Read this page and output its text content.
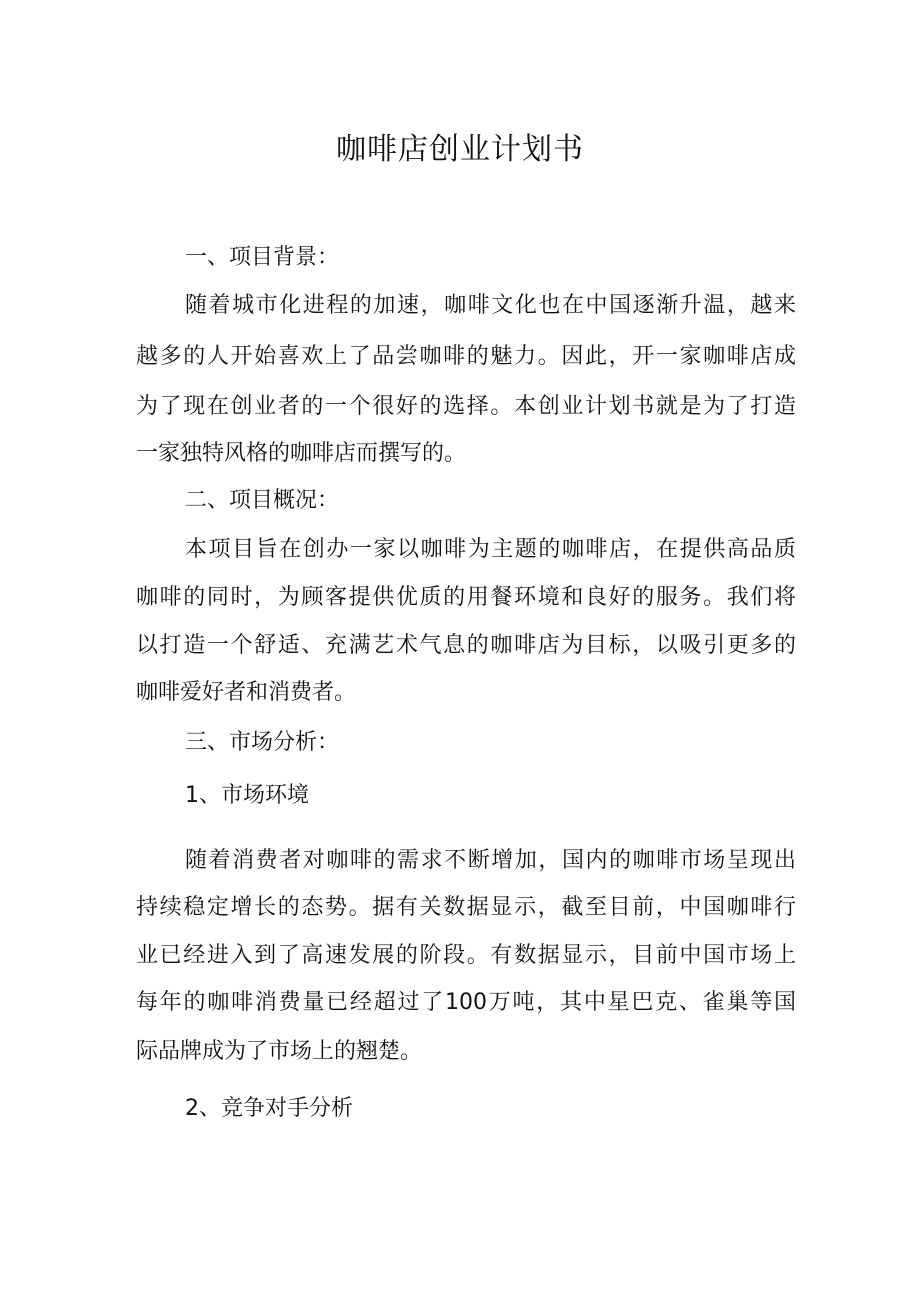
咖啡店创业计划书

一、项目背景：

随着城市化进程的加速，咖啡文化也在中国逐渐升温，越来

越多的人开始喜欢上了品尝咖啡的魅力。因此，开一家咖啡店成

为了现在创业者的一个很好的选择。本创业计划书就是为了打造

一家独特风格的咖啡店而撰写的。

二、项目概况：

本项目旨在创办一家以咖啡为主题的咖啡店，在提供高品质

咖啡的同时，为顾客提供优质的用餐环境和良好的服务。我们将

以打造一个舒适、充满艺术气息的咖啡店为目标，以吸引更多的

咖啡爱好者和消费者。

三、市场分析：

1、市场环境

随着消费者对咖啡的需求不断增加，国内的咖啡市场呈现出

持续稳定增长的态势。据有关数据显示，截至目前，中国咖啡行

业已经进入到了高速发展的阶段。有数据显示，目前中国市场上

每年的咖啡消费量已经超过了100万吨，其中星巴克、雀巢等国

际品牌成为了市场上的翘楚。

2、竞争对手分析
